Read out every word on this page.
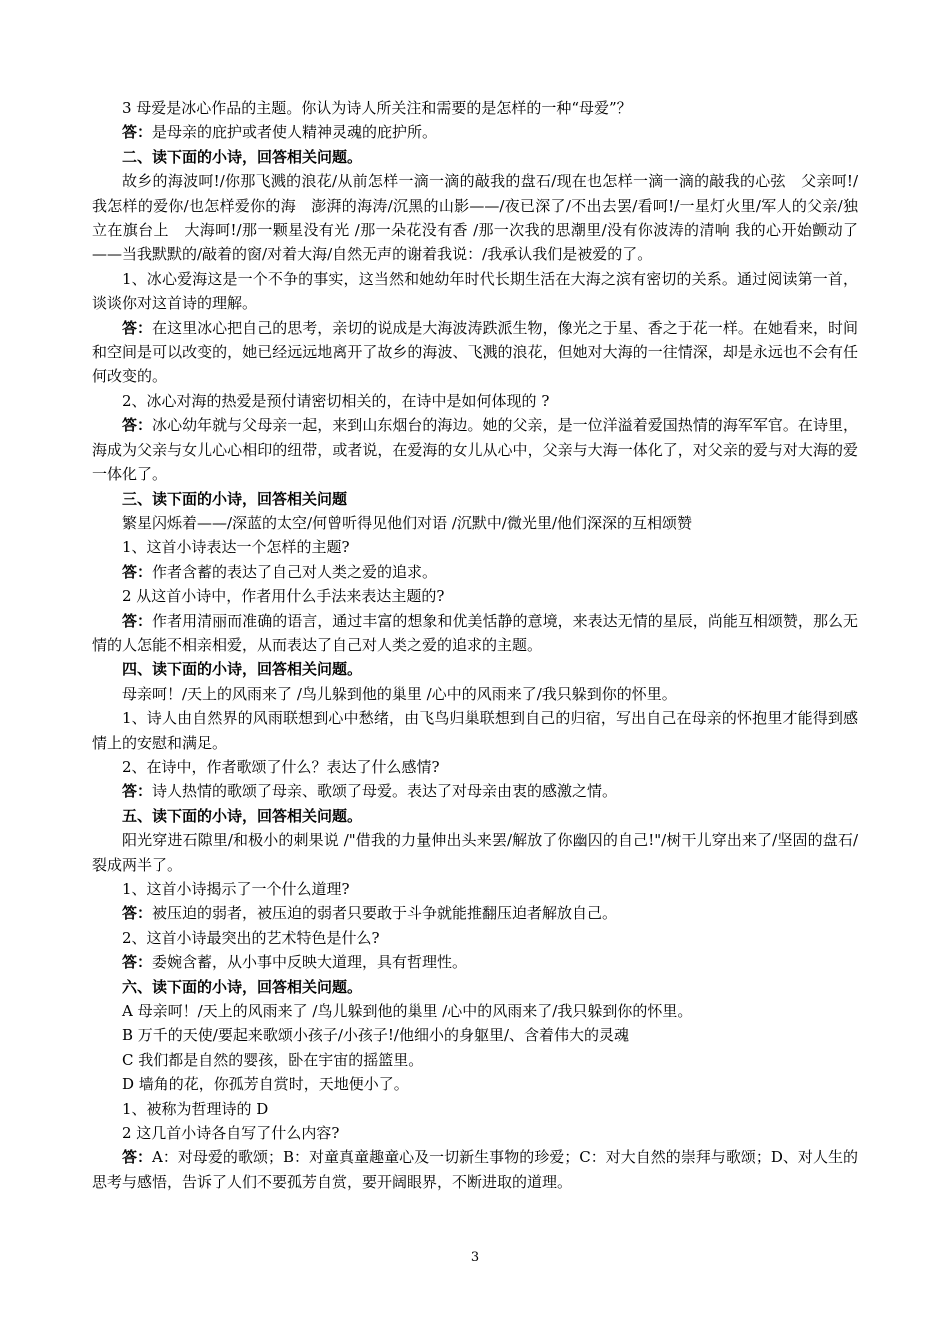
3 母爱是冰心作品的主题。你认为诗人所关注和需要的是怎样的一种“母爱”？

答：是母亲的庇护或者使人精神灵魂的庇护所。

二、读下面的小诗，回答相关问题。

故乡的海波呵!/你那飞溅的浪花/从前怎样一滴一滴的敲我的盘石/现在也怎样一滴一滴的敲我的心弦　父亲呵!/我怎样的爱你/也怎样爱你的海　澎湃的海涛/沉黑的山影——/夜已深了/不出去罢/看呵!/一星灯火里/军人的父亲/独立在旗台上　大海呵!/那一颗星没有光 /那一朵花没有香 /那一次我的思潮里/没有你波涛的清响 我的心开始颤动了——当我默默的/敲着的窗/对着大海/自然无声的谢着我说：/我承认我们是被爱的了。

1、冰心爱海这是一个不争的事实，这当然和她幼年时代长期生活在大海之滨有密切的关系。通过阅读第一首，谈谈你对这首诗的理解。

答：在这里冰心把自己的思考，亲切的说成是大海波涛跌派生物，像光之于星、香之于花一样。在她看来，时间和空间是可以改变的，她已经远远地离开了故乡的海波、飞溅的浪花，但她对大海的一往情深，却是永远也不会有任何改变的。

2、冰心对海的热爱是预付请密切相关的，在诗中是如何体现的 ?

答：冰心幼年就与父母亲一起，来到山东烟台的海边。她的父亲，是一位洋溢着爱国热情的海军军官。在诗里，海成为父亲与女儿心心相印的纽带，或者说，在爱海的女儿从心中，父亲与大海一体化了，对父亲的爱与对大海的爱一体化了。

三、读下面的小诗，回答相关问题

繁星闪烁着——/深蓝的太空/何曾听得见他们对语 /沉默中/微光里/他们深深的互相颂赞

1、这首小诗表达一个怎样的主题?

答：作者含蓄的表达了自己对人类之爱的追求。

2 从这首小诗中，作者用什么手法来表达主题的?

答：作者用清丽而准确的语言，通过丰富的想象和优美恬静的意境，来表达无情的星辰，尚能互相颂赞，那么无情的人怎能不相亲相爱，从而表达了自己对人类之爱的追求的主题。

四、读下面的小诗，回答相关问题。

母亲呵！/天上的风雨来了 /鸟儿躲到他的巢里 /心中的风雨来了/我只躲到你的怀里。

1、诗人由自然界的风雨联想到心中愁绪，由飞鸟归巢联想到自己的归宿，写出自己在母亲的怀抱里才能得到感情上的安慰和满足。

2、在诗中，作者歌颂了什么？表达了什么感情?

答：诗人热情的歌颂了母亲、歌颂了母爱。表达了对母亲由衷的感激之情。

五、读下面的小诗，回答相关问题。

阳光穿进石隙里/和极小的刺果说 /"借我的力量伸出头来罢/解放了你幽囚的自己!"/树干儿穿出来了/坚固的盘石/裂成两半了。

1、这首小诗揭示了一个什么道理?

答：被压迫的弱者，被压迫的弱者只要敢于斗争就能推翻压迫者解放自己。

2、这首小诗最突出的艺术特色是什么?

答：委婉含蓄，从小事中反映大道理，具有哲理性。

六、读下面的小诗，回答相关问题。

A 母亲呵！/天上的风雨来了 /鸟儿躲到他的巢里 /心中的风雨来了/我只躲到你的怀里。

B 万千的天使/要起来歌颂小孩子/小孩子!/他细小的身躯里/、含着伟大的灵魂

C 我们都是自然的婴孩，卧在宇宙的摇篮里。

D 墙角的花，你孤芳自赏时，天地便小了。

1、被称为哲理诗的 D

2 这几首小诗各自写了什么内容?

答：A：对母爱的歌颂；B：对童真童趣童心及一切新生事物的珍爱；C：对大自然的崇拜与歌颂；D、对人生的思考与感悟，告诉了人们不要孤芳自赏，要开阔眼界，不断进取的道理。

3
